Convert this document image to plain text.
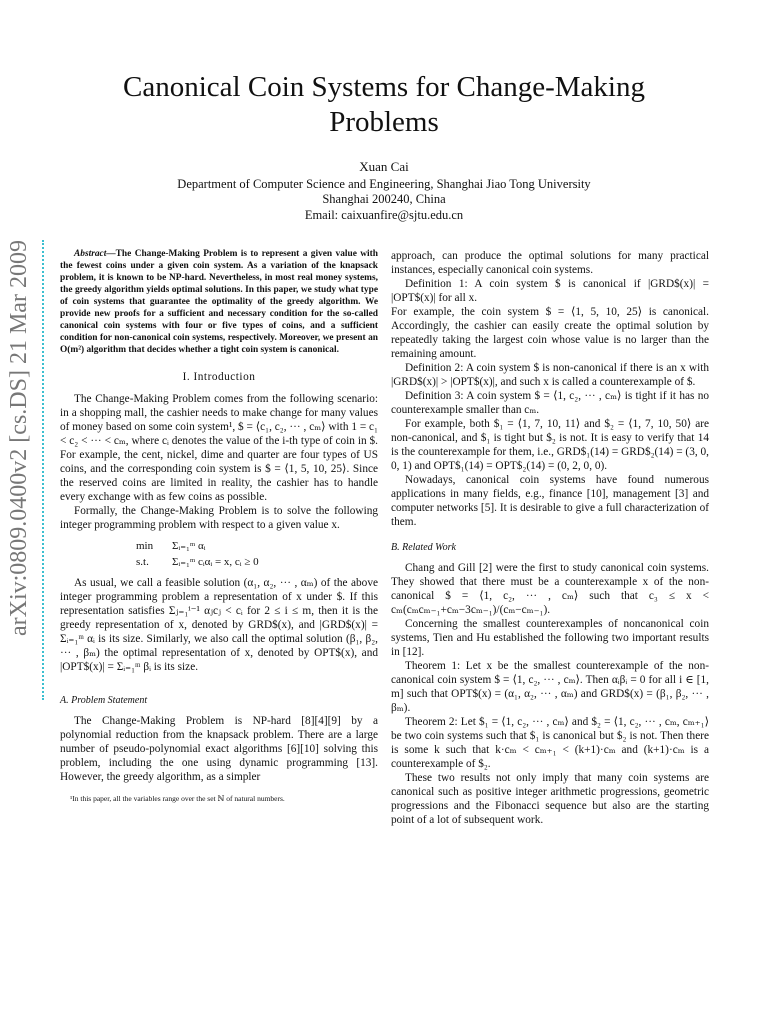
Canonical Coin Systems for Change-Making
Problems
Xuan Cai
Department of Computer Science and Engineering, Shanghai Jiao Tong University
Shanghai 200240, China
Email: caixuanfire@sjtu.edu.cn
arXiv:0809.0400v2 [cs.DS] 21 Mar 2009	Abstract—The Change-Making Problem is to represent a given value with the fewest coins under a given coin system. As a variation of the knapsack problem, it is known to be NP-hard. Nevertheless, in most real money systems, the greedy algorithm yields optimal solutions. In this paper, we study what type of coin systems that guarantee the optimality of the greedy algorithm. We provide new proofs for a sufficient and necessary condition for the so-called canonical coin systems with four or five types of coins, and a sufficient condition for non-canonical coin systems, respectively. Moreover, we present an O(m²) algorithm that decides whether a tight coin system is canonical.

I. Introduction

The Change-Making Problem comes from the following scenario: in a shopping mall, the cashier needs to make change for many values of money based on some coin system¹, $ = ⟨c₁, c₂, ··· , cₘ⟩ with 1 = c₁ < c₂ < ··· < cₘ, where cᵢ denotes the value of the i-th type of coin in $. For example, the cent, nickel, dime and quarter are four types of US coins, and the corresponding coin system is $ = ⟨1, 5, 10, 25⟩. Since the reserved coins are limited in reality, the cashier has to handle every exchange with as few coins as possible.

Formally, the Change-Making Problem is to solve the following integer programming problem with respect to a given value x.

min Σᵢ₌₁ᵐ αᵢ
s.t. Σᵢ₌₁ᵐ cᵢαᵢ = x, cᵢ ≥ 0

As usual, we call a feasible solution (α₁, α₂, ··· , αₘ) of the above integer programming problem a representation of x under $. If this representation satisfies Σⱼ₌₁ⁱ⁻¹ αⱼcⱼ < cᵢ for 2 ≤ i ≤ m, then it is the greedy representation of x, denoted by GRD$(x), and |GRD$(x)| = Σᵢ₌₁ᵐ αᵢ is its size. Similarly, we also call the optimal solution (β₁, β₂, ··· , βₘ) the optimal representation of x, denoted by OPT$(x), and |OPT$(x)| = Σᵢ₌₁ᵐ βᵢ is its size.

A. Problem Statement

The Change-Making Problem is NP-hard [8][4][9] by a polynomial reduction from the knapsack problem. There are a large number of pseudo-polynomial exact algorithms [6][10] solving this problem, including the one using dynamic programming [13]. However, the greedy algorithm, as a simpler

¹In this paper, all the variables range over the set ℕ of natural numbers.

approach, can produce the optimal solutions for many practical instances, especially canonical coin systems.

Definition 1: A coin system $ is canonical if |GRD$(x)| = |OPT$(x)| for all x.

For example, the coin system $ = ⟨1, 5, 10, 25⟩ is canonical. Accordingly, the cashier can easily create the optimal solution by repeatedly taking the largest coin whose value is no larger than the remaining amount.

Definition 2: A coin system $ is non-canonical if there is an x with |GRD$(x)| > |OPT$(x)|, and such x is called a counterexample of $.

Definition 3: A coin system $ = ⟨1, c₂, ··· , cₘ⟩ is tight if it has no counterexample smaller than cₘ.

For example, both $₁ = ⟨1, 7, 10, 11⟩ and $₂ = ⟨1, 7, 10, 50⟩ are non-canonical, and $₁ is tight but $₂ is not. It is easy to verify that 14 is the counterexample for them, i.e., GRD$₁(14) = GRD$₂(14) = (3, 0, 0, 1) and OPT$₁(14) = OPT$₂(14) = (0, 2, 0, 0).

Nowadays, canonical coin systems have found numerous applications in many fields, e.g., finance [10], management [3] and computer networks [5]. It is desirable to give a full characterization of them.

B. Related Work

Chang and Gill [2] were the first to study canonical coin systems. They showed that there must be a counterexample x of the non-canonical $ = ⟨1, c₂, ··· , cₘ⟩ such that c₃ ≤ x < cₘ(cₘcₘ₋₁+cₘ−3cₘ₋₁)/(cₘ−cₘ₋₁).

Concerning the smallest counterexamples of noncanonical coin systems, Tien and Hu established the following two important results in [12].

Theorem 1: Let x be the smallest counterexample of the non-canonical coin system $ = ⟨1, c₂, ··· , cₘ⟩. Then αᵢβᵢ = 0 for all i ∈ [1, m] such that OPT$(x) = (α₁, α₂, ··· , αₘ) and GRD$(x) = (β₁, β₂, ··· , βₘ).

Theorem 2: Let $₁ = ⟨1, c₂, ··· , cₘ⟩ and $₂ = ⟨1, c₂, ··· , cₘ, cₘ₊₁⟩ be two coin systems such that $₁ is canonical but $₂ is not. Then there is some k such that k·cₘ < cₘ₊₁ < (k+1)·cₘ and (k+1)·cₘ is a counterexample of $₂.

These two results not only imply that many coin systems are canonical such as positive integer arithmetic progressions, geometric progressions and the Fibonacci sequence but also are the starting point of a lot of subsequent work.
